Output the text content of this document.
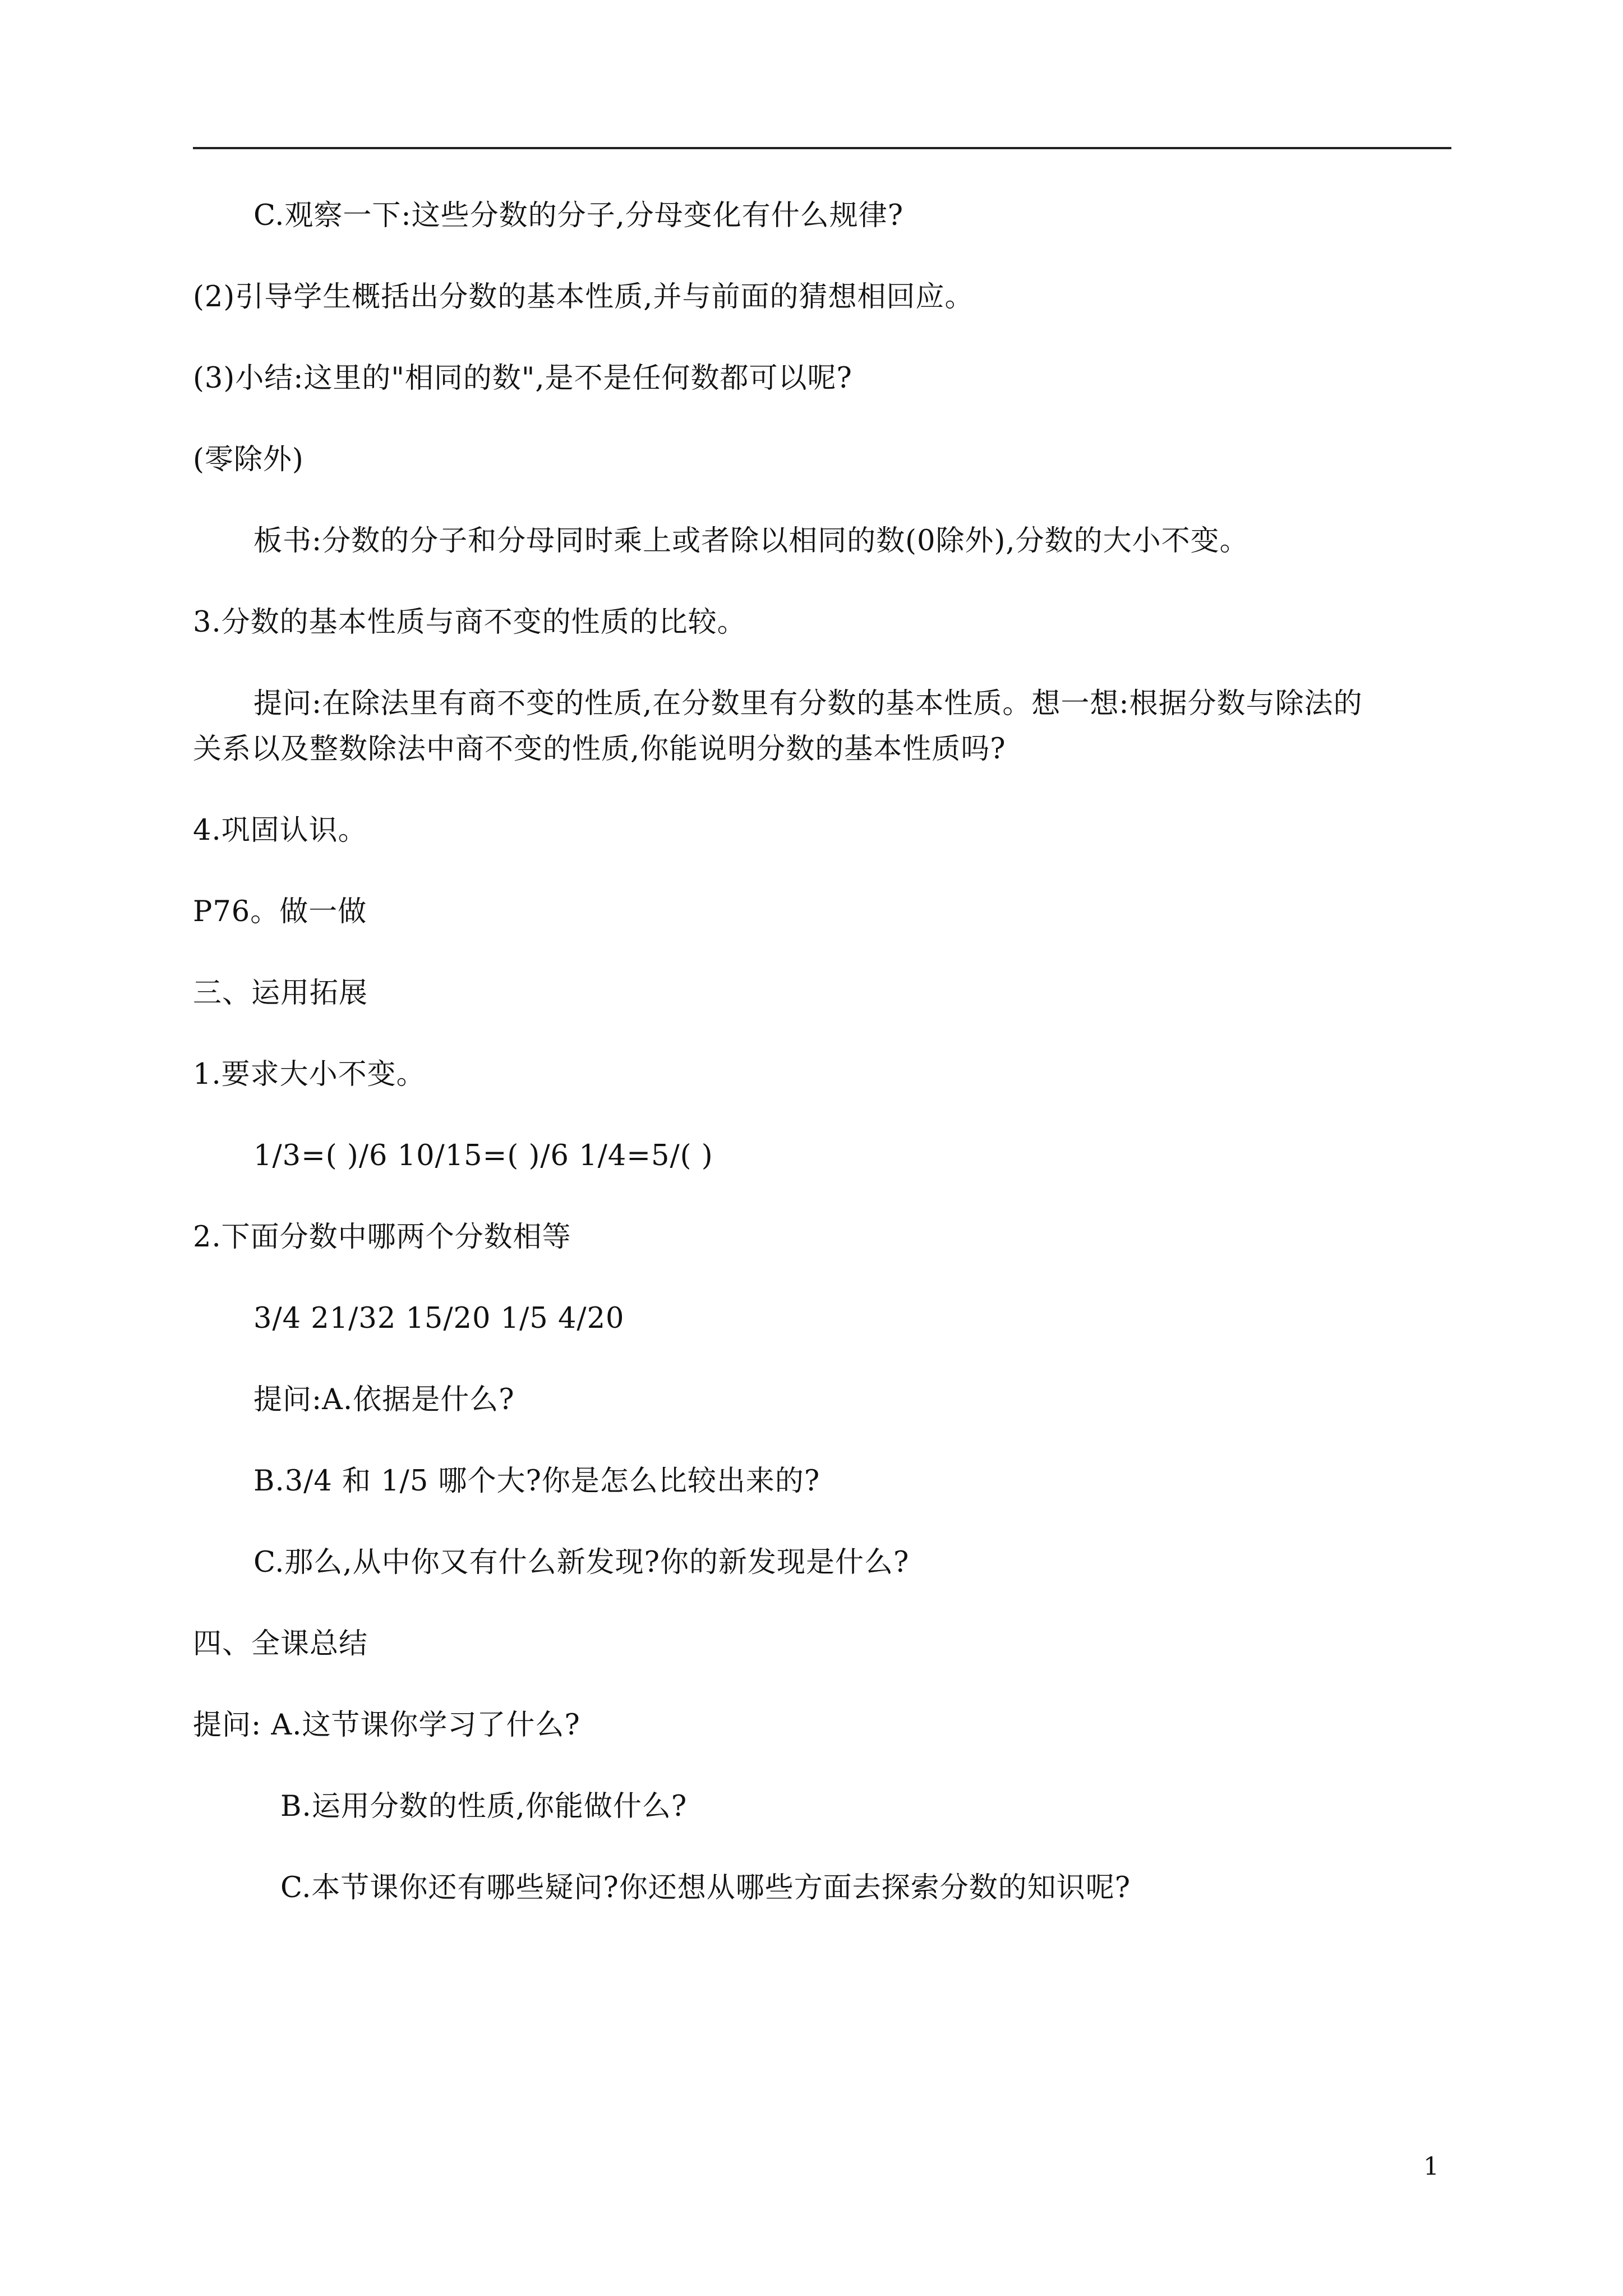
C.观察一下:这些分数的分子,分母变化有什么规律?
(2)引导学生概括出分数的基本性质,并与前面的猜想相回应。
(3)小结:这里的"相同的数",是不是任何数都可以呢?
(零除外)
板书:分数的分子和分母同时乘上或者除以相同的数(0除外),分数的大小不变。
3.分数的基本性质与商不变的性质的比较。
提问:在除法里有商不变的性质,在分数里有分数的基本性质。想一想:根据分数与除法的
关系以及整数除法中商不变的性质,你能说明分数的基本性质吗?
4.巩固认识。
P76。做一做
三、运用拓展
1.要求大小不变。
1/3=( )/6 10/15=( )/6 1/4=5/( )
2.下面分数中哪两个分数相等
3/4 21/32 15/20 1/5 4/20
提问:A.依据是什么?
B.3/4 和 1/5 哪个大?你是怎么比较出来的?
C.那么,从中你又有什么新发现?你的新发现是什么?
四、全课总结
提问: A.这节课你学习了什么?
B.运用分数的性质,你能做什么?
C.本节课你还有哪些疑问?你还想从哪些方面去探索分数的知识呢?
1
